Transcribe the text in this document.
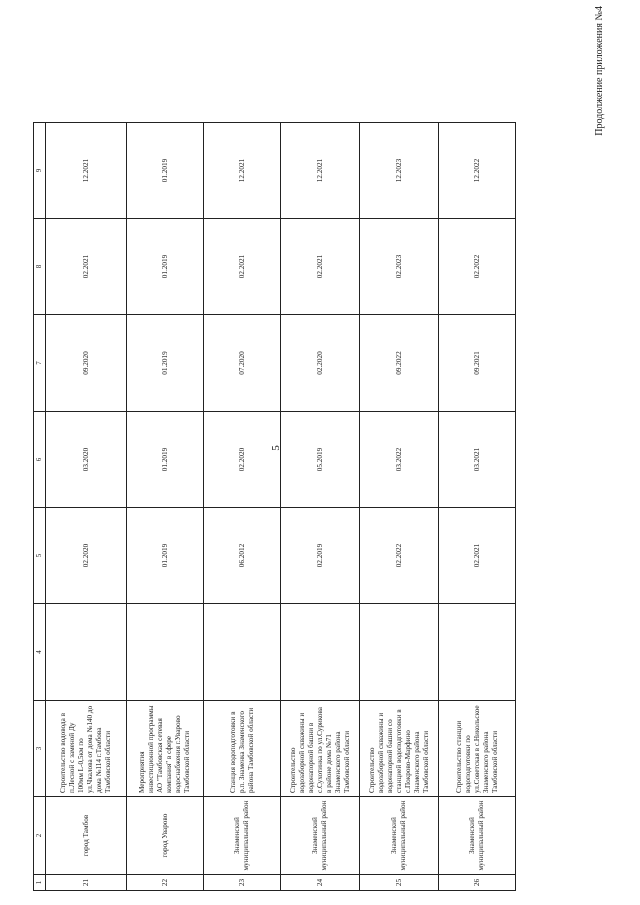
5
Продолжение приложения №4
1	2	3	4	5	6	7	8	9
21	город Тамбов	Строительство водовода в п.Лесной с заменой Ду 100мм L-0,5км по ул.Чкалова от дома №140 до дома №114 г.Тамбова Тамбовской области		02.2020	03.2020	09.2020	02.2021	12.2021
22	город Уварово	Мероприятия инвестиционной программы АО "Тамбовская сетевая компания" в сфере водоснабжения г.Уварово Тамбовской области		01.2019	01.2019	01.2019	01.2019	01.2019
23	Знаменский муниципальный район	Станция водоподготовки в р.п. Знаменка Знаменского района Тамбовской области		06.2012	02.2020	07.2020	02.2021	12.2021
24	Знаменский муниципальный район	Строительство водозаборной скважины и водонапорной башни в с.Сухотинка по ул.Сурикова в районе дома №71 Знаменского района Тамбовской области		02.2019	05.2019	02.2020	02.2021	12.2021
25	Знаменский муниципальный район	Строительство водозаборной скважины и водонапорной башни со станцией водоподготовки в с.Покрово-Марфино Знаменского района Тамбовской области		02.2022	03.2022	09.2022	02.2023	12.2023
26	Знаменский муниципальный район	Строительство станции водоподготовки по ул.Советская в с.Никольское Знаменского района Тамбовской области		02.2021	03.2021	09.2021	02.2022	12.2022
